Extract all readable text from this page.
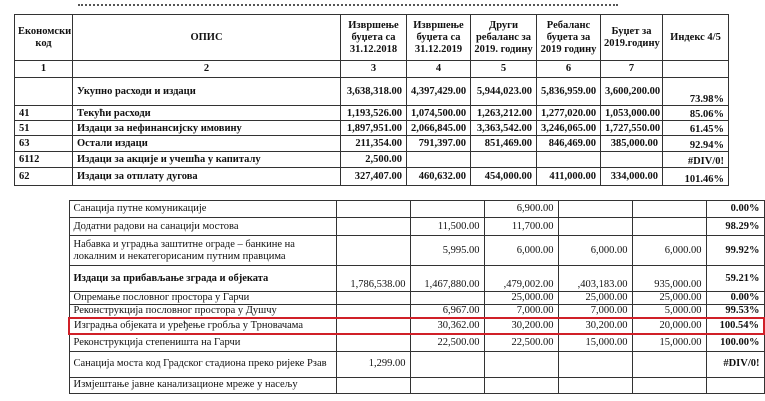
Економски код	ОПИС	Извршење буџета са 31.12.2018	Извршење буџета са 31.12.2019	Други ребаланс за 2019. годину	Ребаланс буџета за 2019 годину	Буџет за 2019.годину	Индекс 4/5
1	2	3	4	5	6	7	
	Укупно расходи и издаци	3,638,318.00	4,397,429.00	5,944,023.00	5,836,959.00	3,600,200.00	73.98%
41	Текући расходи	1,193,526.00	1,074,500.00	1,263,212.00	1,277,020.00	1,053,000.00	85.06%
51	Издаци за нефинансијску имовину	1,897,951.00	2,066,845.00	3,363,542.00	3,246,065.00	1,727,550.00	61.45%
63	Остали издаци	211,354.00	791,397.00	851,469.00	846,469.00	385,000.00	92.94%
6112	Издаци за акције и учешћа у капиталу	2,500.00					#DIV/0!
62	Издаци за отплату дугова	327,407.00	460,632.00	454,000.00	411,000.00	334,000.00	101.46%
Санација путне комуникације			6,900.00			0.00%
Додатни радови на санацији мостова		11,500.00	11,700.00			98.29%
Набавка и уградња заштитне ограде – банкине на локалним и некатегорисаним путним правцима		5,995.00	6,000.00	6,000.00	6,000.00	99.92%
Издаци за прибављање зграда и објеката	1,786,538.00	1,467,880.00	,479,002.00	,403,183.00	935,000.00	59.21%
Опремање пословног простора у Гарчи			25,000.00	25,000.00	25,000.00	0.00%
Реконструкција пословног простора у Душчу		6,967.00	7,000.00	7,000.00	5,000.00	99.53%
Изградња објеката и уређење гробља у Трновачама		30,362.00	30,200.00	30,200.00	20,000.00	100.54%
Реконструкција степеништа на Гарчи		22,500.00	22,500.00	15,000.00	15,000.00	100.00%
Санација моста код Градског стадиона преко ријеке Рзав	1,299.00					#DIV/0!
Измјештање јавне канализационе мреже у насељу						
